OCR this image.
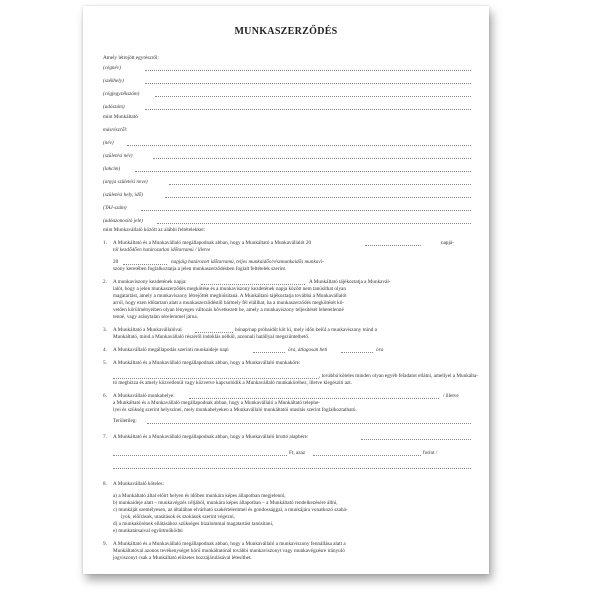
MUNKASZERZŐDÉS
Amely létrejött egyrészről:
(cégnév)
(székhely)
(cégjegyzékszám)
(adószám)
mint Munkáltató
másrészről:
(név)
(születési név)
(lakcím)
(anyja születési neve)
(születési hely, idő)
(TAJ-szám)
(adóazonosító jele)
mint Munkavállaló között az alábbi feltételekkel:
1. A Munkáltató és a Munkavállaló megállapodnak abban, hogy a Munkáltató a Munkavállalót 20	napjá-
tól kezdődően határozatlan időtartamú / illetve
20	napjáig határozott időtartamú, teljes munkaidős/részmunkaidős munkavi-
szony keretében foglalkoztatja a jelen munkaszerződésben foglalt feltételek szerint.
2. A munkaviszony kezdetének napja:	A Munkáltató tájékoztatja a Munkavál-
lalót, hogy a jelen munkaszerződés megkötése és a munkaviszony kezdetének napja között nem tanúsíthat olyan
magatartást, amely a munkaviszony létrejöttét meghiúsítaná. A Munkáltató tájékoztatja továbbá a Munkavállalót
arról, hogy ezen időtartam alatt a munkaszerződéstől bármely fél elállhat, ha a munkaszerződés megkötését kö-
vetően körülményeiben olyan lényeges változás következett be, amely a munkaviszony teljesítését lehetetlenné
tenné, vagy aránytalan sérelemmel járna.
3. A Munkáltató a Munkavállalóval	hónap/nap próbaidőt köt ki, mely időn belül a munkaviszony mind a
Munkáltató, mind a Munkavállaló részéről indoklás nélkül, azonnali hatállyal megszüntethető.
4. A Munkavállaló megállapodás szerinti munkaideje napi	óra, átlagosan heti	óra
5. A Munkáltató és a Munkavállaló megállapodnak abban, hogy a Munkavállaló munkaköre:
, továbbá köteles minden olyan egyéb feladatot ellátni, amellyel a Munkálta-
tó megbízza és amely közvetlenül vagy közvetve kapcsolódik a Munkavállaló munkaköréhez, illetve kiegészíti azt.
6. A Munkavállaló munkahelye:	/ illetve
a Munkáltató és a Munkavállaló megállapodnak abban, hogy a Munkavállaló a Munkáltató telephe-
lyei és szükség szerint helyszínei, mely munkahelyeken a Munkavállaló munkáltatói utasítás szerint foglalkoztatható.
Területileg:
7. A Munkáltató és a Munkavállaló megállapodnak abban, hogy a Munkavállaló bruttó alapbére:
Ft, azaz	forint /
8. A Munkavállaló köteles:
a) a Munkáltató által előírt helyen és időben munkára képes állapotban megjelenni,
b) munkaideje alatt – munkavégzés céljából, munkára képes állapotban – a Munkáltató rendelkezésére állni,
c) munkáját személyesen, az általában elvárható szakértelemmel és gondossággal, a munkájára vonatkozó szabá-
lyok, előírások, utasítások és szokások szerint végezni,
d) a munkakörének ellátásához szükséges bizalommal magatartást tanúsítani,
e) munkatársaival együttműködni
9. A Munkáltató és a Munkavállaló megállapodnak abban, hogy a Munkavállaló a munkaviszony fennállása alatt a
Munkáltatóval azonos tevékenységet körű munkáltatónál további munkaviszonyt vagy munkavégzésre irányuló
jogviszonyt csak a Munkáltató előzetes hozzájárulásával létesíthet.
